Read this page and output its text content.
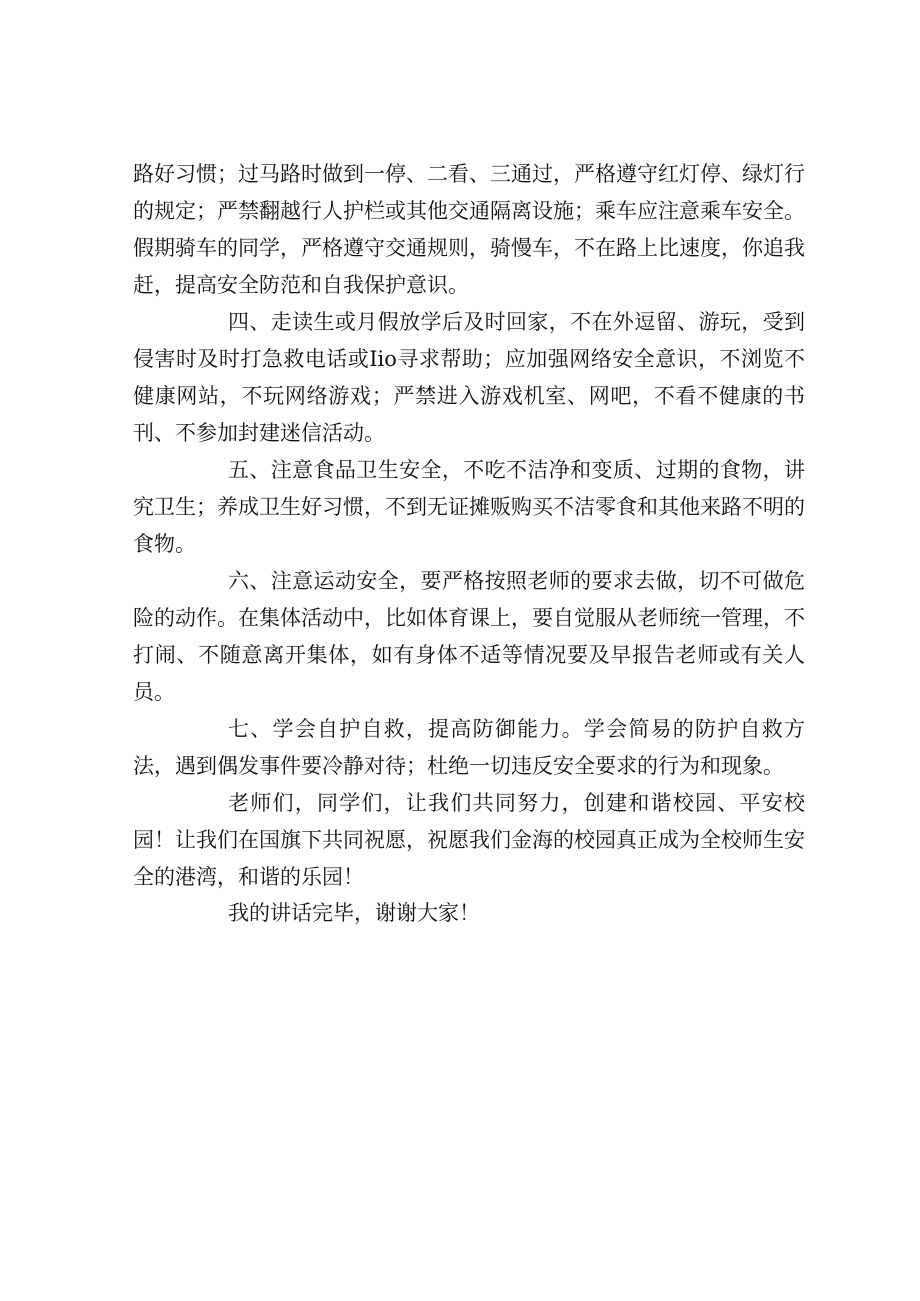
路好习惯；过马路时做到一停、二看、三通过，严格遵守红灯停、绿灯行的规定；严禁翻越行人护栏或其他交通隔离设施；乘车应注意乘车安全。假期骑车的同学，严格遵守交通规则，骑慢车，不在路上比速度，你追我赶，提高安全防范和自我保护意识。

四、走读生或月假放学后及时回家，不在外逗留、游玩，受到侵害时及时打急救电话或Iio寻求帮助；应加强网络安全意识，不浏览不健康网站，不玩网络游戏；严禁进入游戏机室、网吧，不看不健康的书刊、不参加封建迷信活动。

五、注意食品卫生安全，不吃不洁净和变质、过期的食物，讲究卫生；养成卫生好习惯，不到无证摊贩购买不洁零食和其他来路不明的食物。

六、注意运动安全，要严格按照老师的要求去做，切不可做危险的动作。在集体活动中，比如体育课上，要自觉服从老师统一管理，不打闹、不随意离开集体，如有身体不适等情况要及早报告老师或有关人员。

七、学会自护自救，提高防御能力。学会简易的防护自救方法，遇到偶发事件要冷静对待；杜绝一切违反安全要求的行为和现象。

老师们，同学们，让我们共同努力，创建和谐校园、平安校园！让我们在国旗下共同祝愿，祝愿我们金海的校园真正成为全校师生安全的港湾，和谐的乐园！

我的讲话完毕，谢谢大家！
